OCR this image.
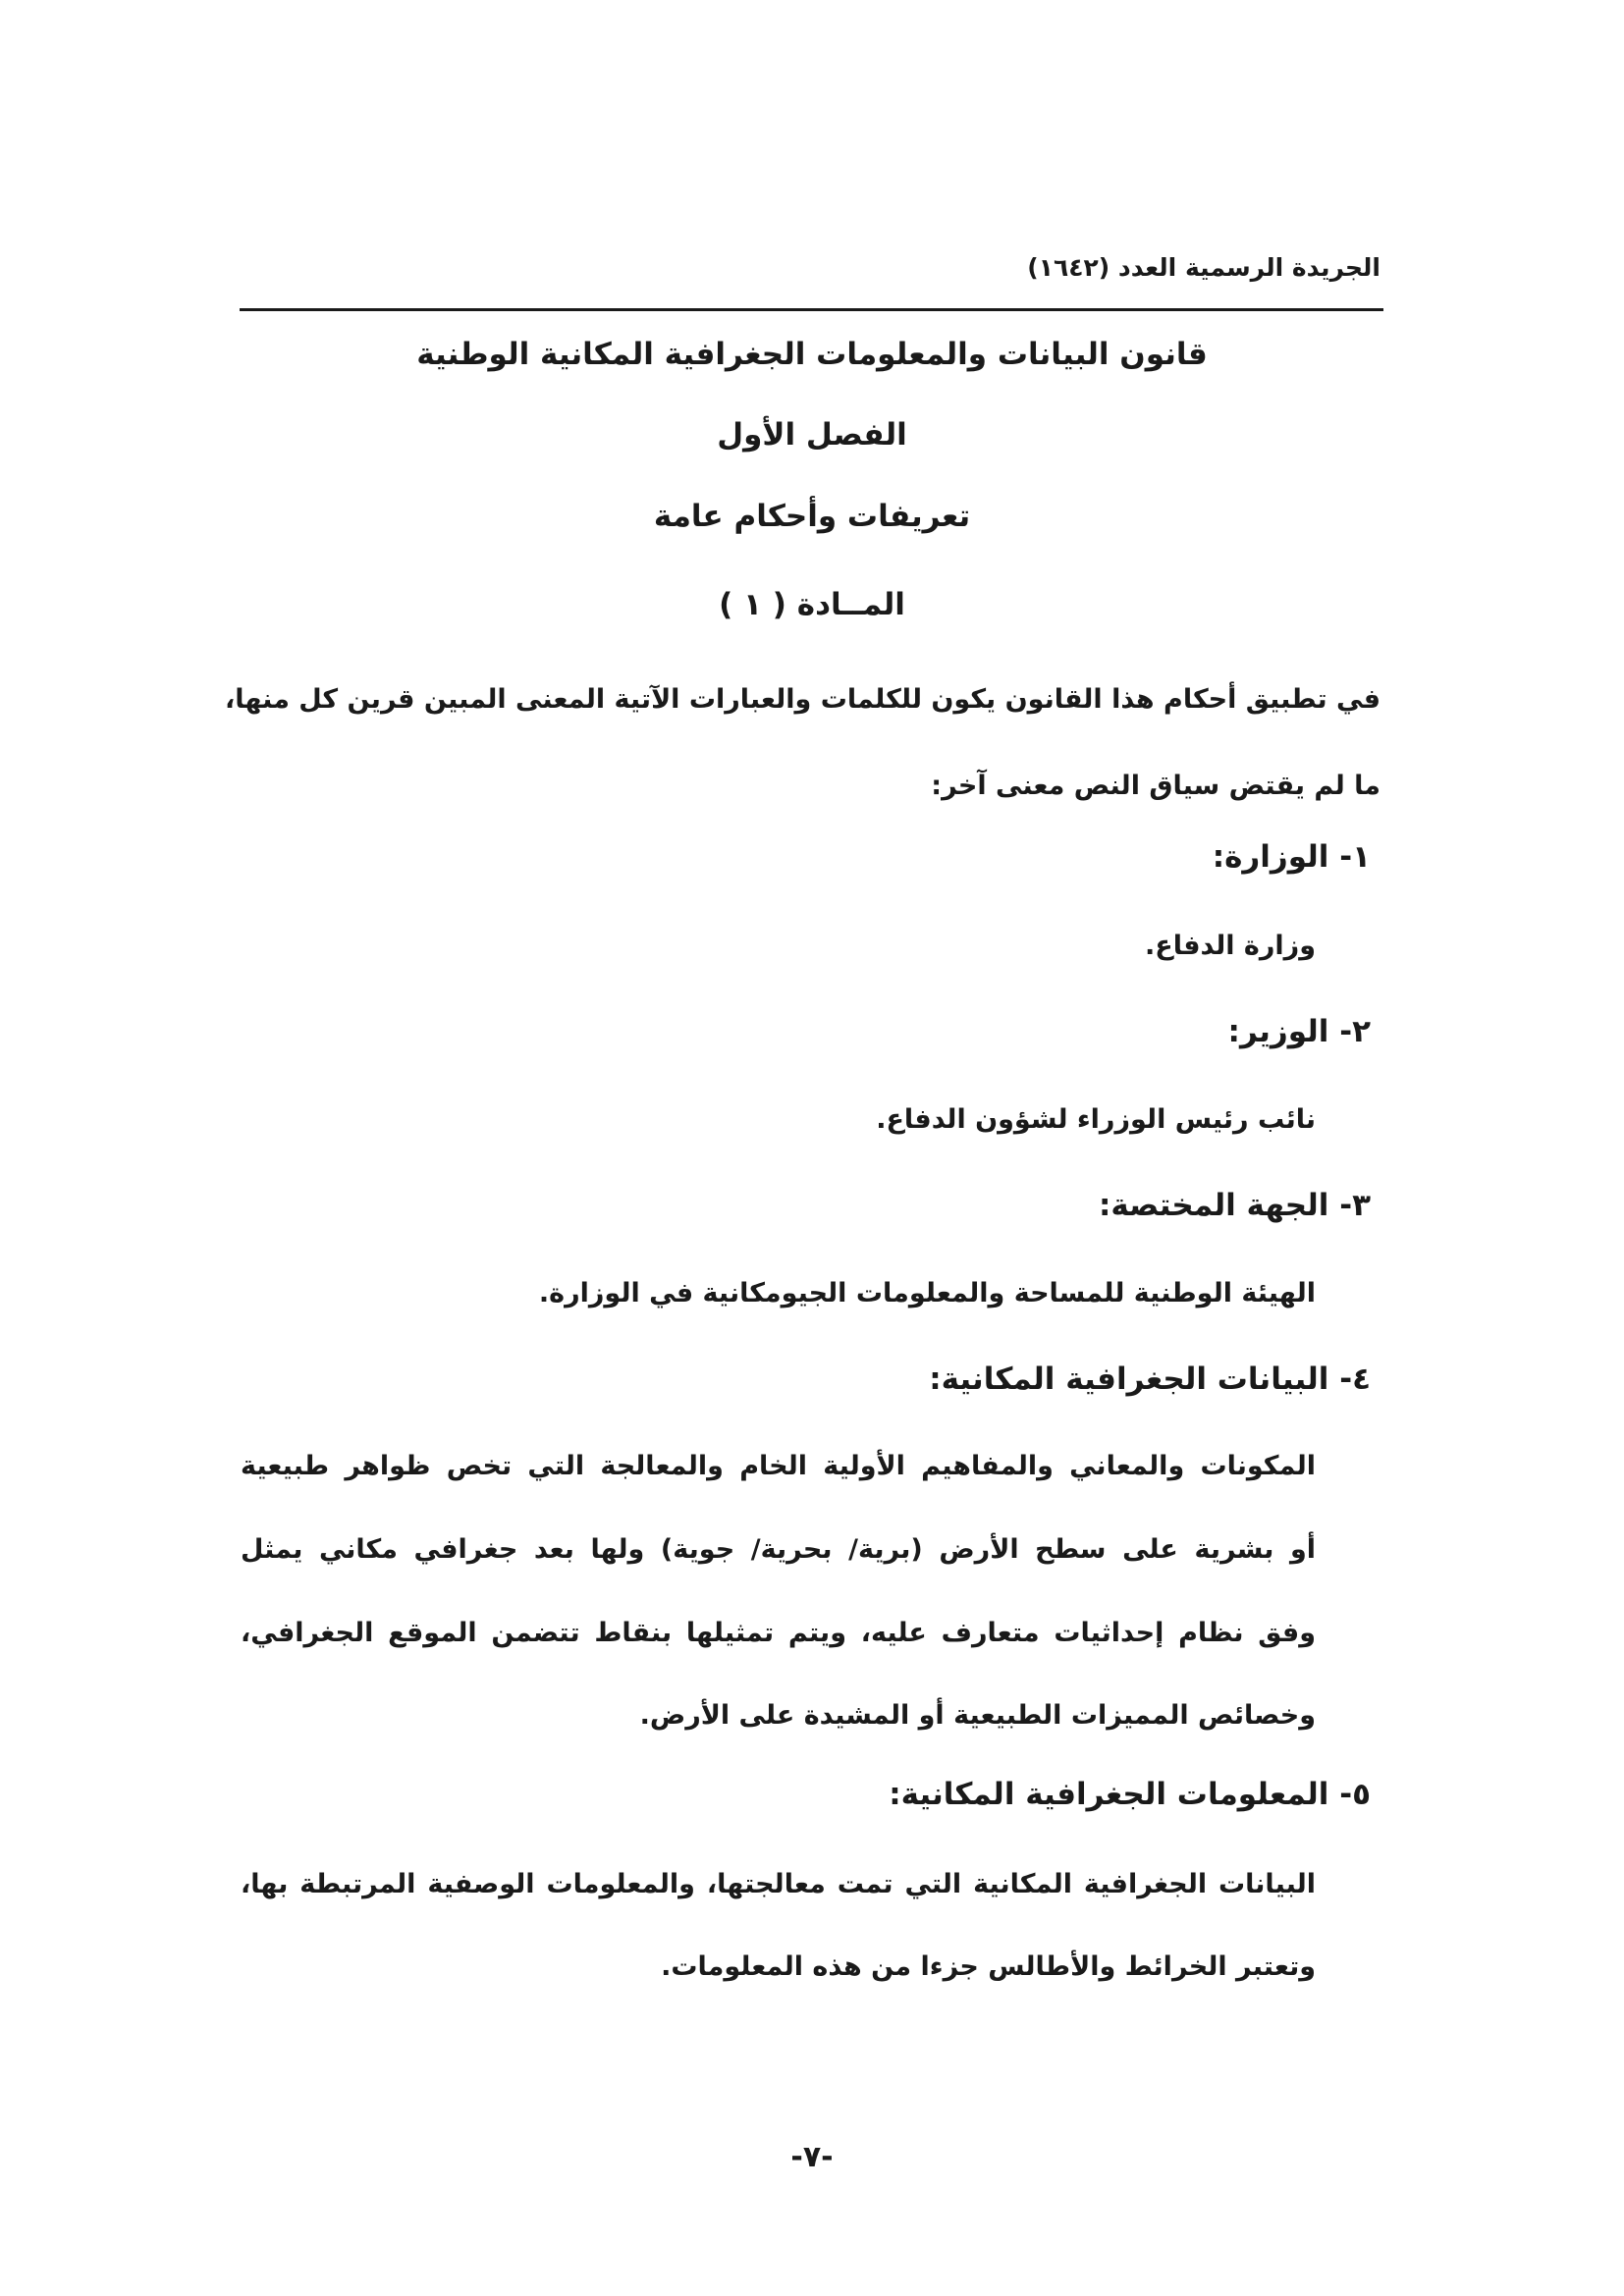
الجريدة الرسمية العدد (١٦٤٢)
قانون البيانات والمعلومات الجغرافية المكانية الوطنية
الفصل الأول
تعريفات وأحكام عامة
المــادة ( ١ )
في تطبيق أحكام هذا القانون يكون للكلمات والعبارات الآتية المعنى المبين قرين كل منها،
ما لم يقتض سياق النص معنى آخر:
١- الوزارة:
وزارة الدفاع.
٢- الوزير:
نائب رئيس الوزراء لشؤون الدفاع.
٣- الجهة المختصة:
الهيئة الوطنية للمساحة والمعلومات الجيومكانية في الوزارة.
٤- البيانات الجغرافية المكانية:
المكونات والمعاني والمفاهيم الأولية الخام والمعالجة التي تخص ظواهر طبيعية
أو بشرية على سطح الأرض (برية/ بحرية/ جوية) ولها بعد جغرافي مكاني يمثل
وفق نظام إحداثيات متعارف عليه، ويتم تمثيلها بنقاط تتضمن الموقع الجغرافي،
وخصائص المميزات الطبيعية أو المشيدة على الأرض.
٥- المعلومات الجغرافية المكانية:
البيانات الجغرافية المكانية التي تمت معالجتها، والمعلومات الوصفية المرتبطة بها،
وتعتبر الخرائط والأطالس جزءا من هذه المعلومات.
-٧-
